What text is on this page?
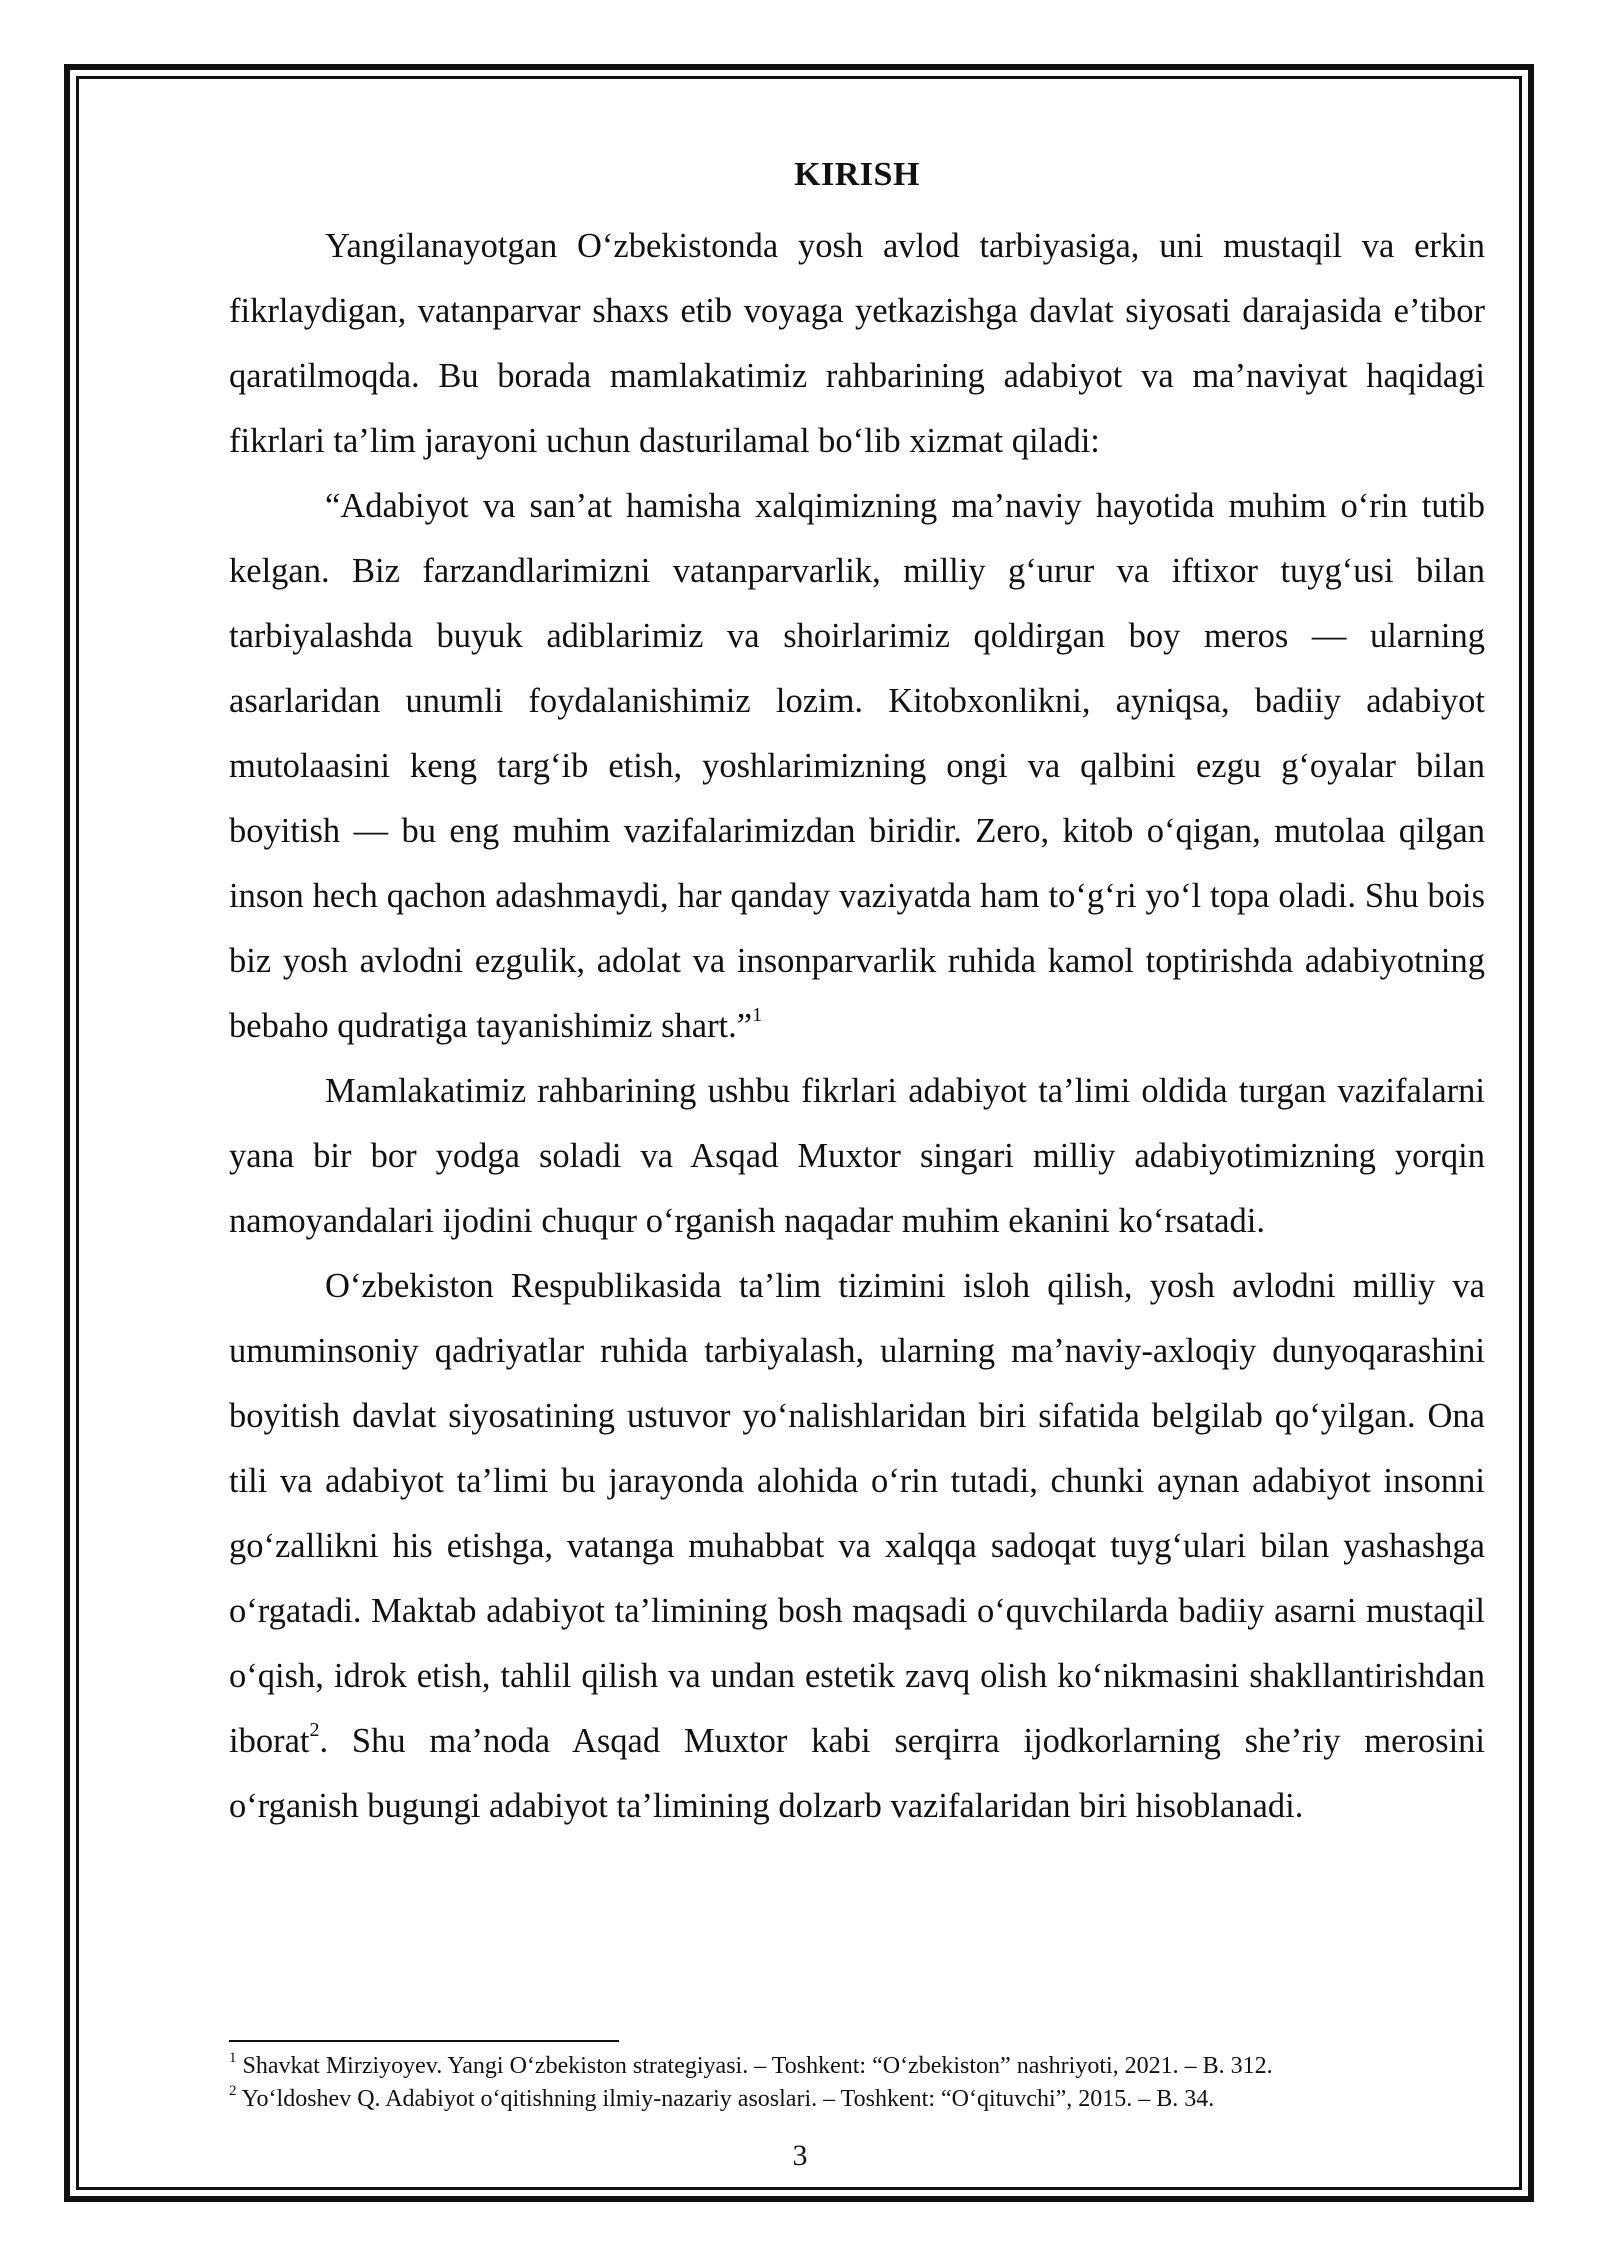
KIRISH

Yangilanayotgan O‘zbekistonda yosh avlod tarbiyasiga, uni mustaqil va erkin fikrlaydigan, vatanparvar shaxs etib voyaga yetkazishga davlat siyosati darajasida e’tibor qaratilmoqda. Bu borada mamlakatimiz rahbarining adabiyot va ma’naviyat haqidagi fikrlari ta’lim jarayoni uchun dasturilamal bo‘lib xizmat qiladi:

“Adabiyot va san’at hamisha xalqimizning ma’naviy hayotida muhim o‘rin tutib kelgan. Biz farzandlarimizni vatanparvarlik, milliy g‘urur va iftixor tuyg‘usi bilan tarbiyalashda buyuk adiblarimiz va shoirlarimiz qoldirgan boy meros — ularning asarlaridan unumli foydalanishimiz lozim. Kitobxonlikni, ayniqsa, badiiy adabiyot mutolaasini keng targ‘ib etish, yoshlarimizning ongi va qalbini ezgu g‘oyalar bilan boyitish — bu eng muhim vazifalarimizdan biridir. Zero, kitob o‘qigan, mutolaa qilgan inson hech qachon adashmaydi, har qanday vaziyatda ham to‘g‘ri yo‘l topa oladi. Shu bois biz yosh avlodni ezgulik, adolat va insonparvarlik ruhida kamol toptirishda adabiyotning bebaho qudratiga tayanishimiz shart.”$^1$

Mamlakatimiz rahbarining ushbu fikrlari adabiyot ta’limi oldida turgan vazifalarni yana bir bor yodga soladi va Asqad Muxtor singari milliy adabiyotimizning yorqin namoyandalari ijodini chuqur o‘rganish naqadar muhim ekanini ko‘rsatadi.

O‘zbekiston Respublikasida ta’lim tizimini isloh qilish, yosh avlodni milliy va umuminsoniy qadriyatlar ruhida tarbiyalash, ularning ma’naviy-axloqiy dunyoqarashini boyitish davlat siyosatining ustuvor yo‘nalishlaridan biri sifatida belgilab qo‘yilgan. Ona tili va adabiyot ta’limi bu jarayonda alohida o‘rin tutadi, chunki aynan adabiyot insonni go‘zallikni his etishga, vatanga muhabbat va xalqqa sadoqat tuyg‘ulari bilan yashashga o‘rgatadi. Maktab adabiyot ta’limining bosh maqsadi o‘quvchilarda badiiy asarni mustaqil o‘qish, idrok etish, tahlil qilish va undan estetik zavq olish ko‘nikmasini shakllantirishdan iborat$^2$. Shu ma’noda Asqad Muxtor kabi serqirra ijodkorlarning she’riy merosini o‘rganish bugungi adabiyot ta’limining dolzarb vazifalaridan biri hisoblanadi.

$^1$ Shavkat Mirziyoyev. Yangi O‘zbekiston strategiyasi. – Toshkent: “O‘zbekiston” nashriyoti, 2021. – B. 312.

$^2$ Yo‘ldoshev Q. Adabiyot o‘qitishning ilmiy-nazariy asoslari. – Toshkent: “O‘qituvchi”, 2015. – B. 34.

3
